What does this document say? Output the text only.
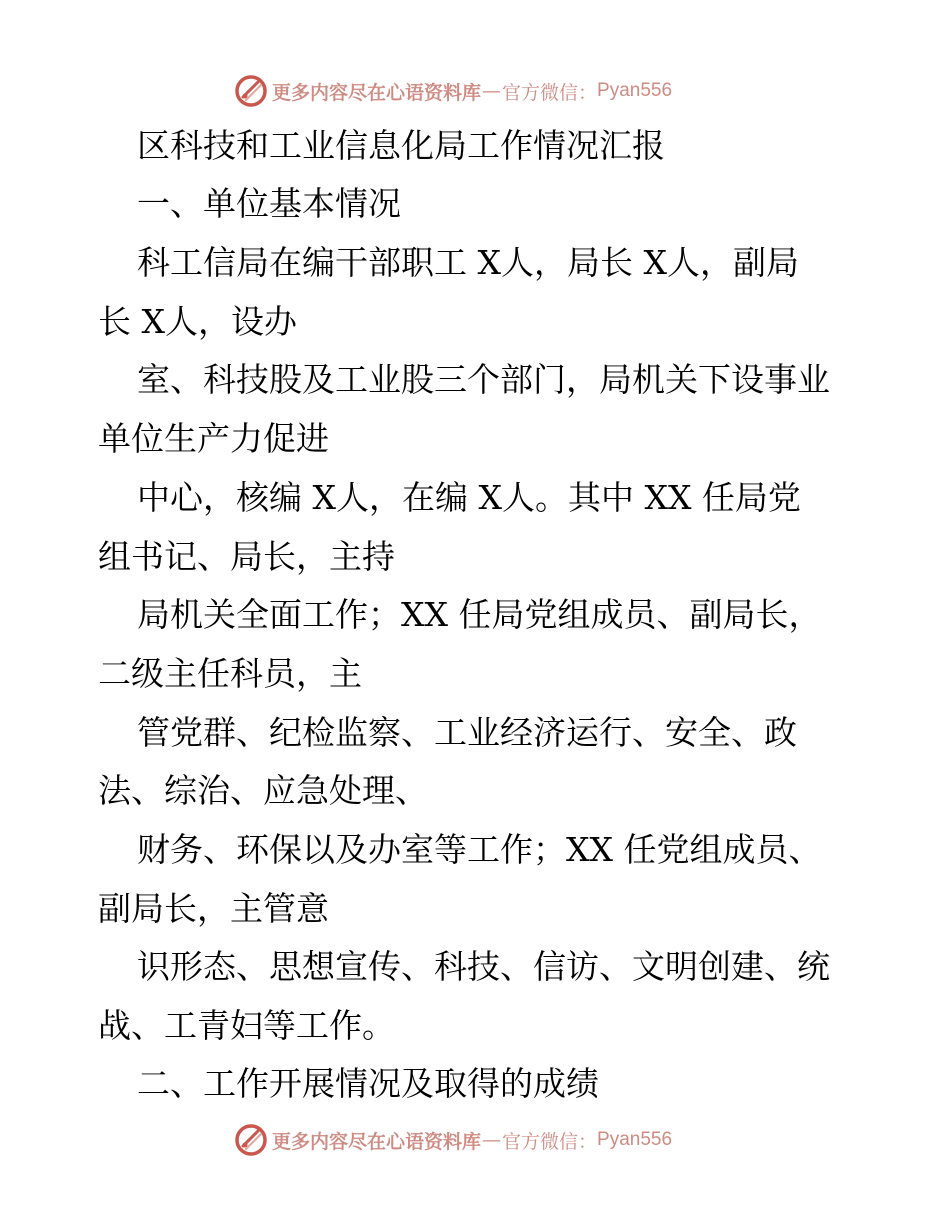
更多内容尽在心语资料库 — 官方微信： Pyan556

区科技和工业信息化局工作情况汇报

一、单位基本情况

科工信局在编干部职工 X人，局长 X人，副局

长 X人，设办

室、科技股及工业股三个部门，局机关下设事业

单位生产力促进

中心，核编 X人，在编 X人。其中 XX 任局党

组书记、局长，主持

局机关全面工作；XX 任局党组成员、副局长，

二级主任科员，主

管党群、纪检监察、工业经济运行、安全、政

法、综治、应急处理、

财务、环保以及办室等工作；XX 任党组成员、

副局长，主管意

识形态、思想宣传、科技、信访、文明创建、统

战、工青妇等工作。

二、工作开展情况及取得的成绩

更多内容尽在心语资料库 — 官方微信： Pyan556
